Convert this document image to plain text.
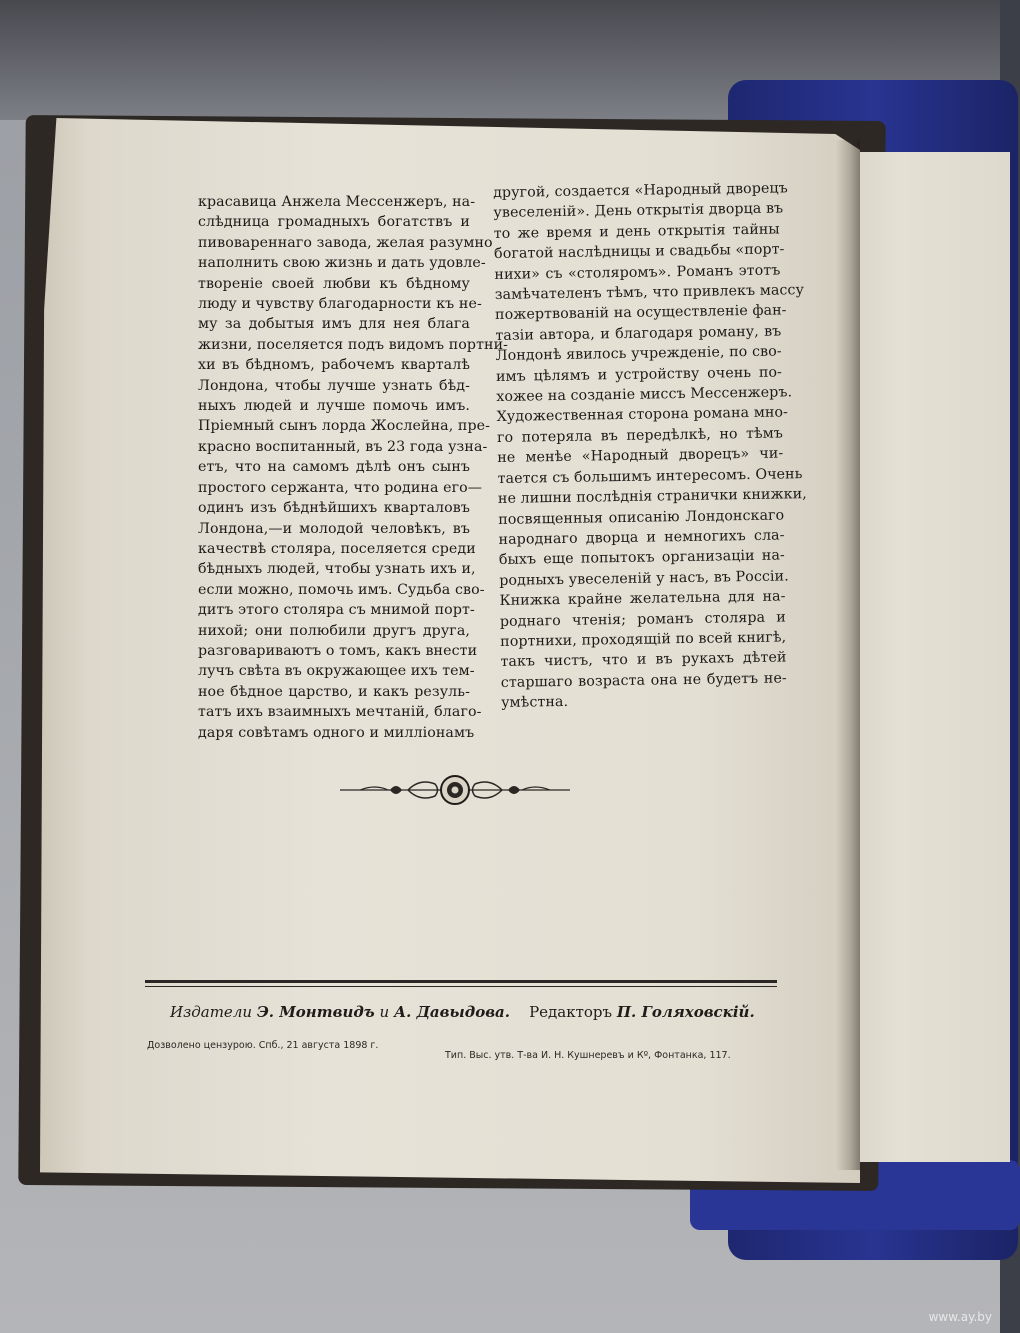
красавица Анжела Мессенжеръ, на-
слѣдница громадныхъ богатствъ и
пивовареннаго завода, желая разумно
наполнить свою жизнь и дать удовле-
твореніе своей любви къ бѣдному
люду и чувству благодарности къ не-
му за добытыя имъ для нея блага
жизни, поселяется подъ видомъ портни-
хи въ бѣдномъ, рабочемъ кварталѣ
Лондона, чтобы лучше узнать бѣд-
ныхъ людей и лучше помочь имъ.
Пріемный сынъ лорда Жослейна, пре-
красно воспитанный, въ 23 года узна-
етъ, что на самомъ дѣлѣ онъ сынъ
простого сержанта, что родина его—
одинъ изъ бѣднѣйшихъ кварталовъ
Лондона,—и молодой человѣкъ, въ
качествѣ столяра, поселяется среди
бѣдныхъ людей, чтобы узнать ихъ и,
если можно, помочь имъ. Судьба сво-
дитъ этого столяра съ мнимой порт-
нихой; они полюбили другъ друга,
разговариваютъ о томъ, какъ внести
лучъ свѣта въ окружающее ихъ тем-
ное бѣдное царство, и какъ резуль-
татъ ихъ взаимныхъ мечтаній, благо-
даря совѣтамъ одного и милліонамъ
другой, создается «Народный дворецъ
увеселеній». День открытія дворца въ
то же время и день открытія тайны
богатой наслѣдницы и свадьбы «порт-
нихи» съ «столяромъ». Романъ этотъ
замѣчателенъ тѣмъ, что привлекъ массу
пожертвованій на осуществленіе фан-
тазіи автора, и благодаря роману, въ
Лондонѣ явилось учрежденіе, по сво-
имъ цѣлямъ и устройству очень по-
хожее на созданіе миссъ Мессенжеръ.
Художественная сторона романа мно-
го потеряла въ передѣлкѣ, но тѣмъ
не менѣе «Народный дворецъ» чи-
тается съ большимъ интересомъ. Очень
не лишни послѣднія странички книжки,
посвященныя описанію Лондонскаго
народнаго дворца и немногихъ сла-
быхъ еще попытокъ организаціи на-
родныхъ увеселеній у насъ, въ Россіи.
Книжка крайне желательна для на-
роднаго чтенія; романъ столяра и
портнихи, проходящій по всей книгѣ,
такъ чистъ, что и въ рукахъ дѣтей
старшаго возраста она не будетъ не-
умѣстна.
Издатели Э. Монтвидъ и А. Давыдова. Редакторъ П. Голяховскій.
Дозволено цензурою. Спб., 21 августа 1898 г.
Тип. Выс. утв. Т-ва И. Н. Кушнеревъ и Кº, Фонтанка, 117.
www.ay.by
